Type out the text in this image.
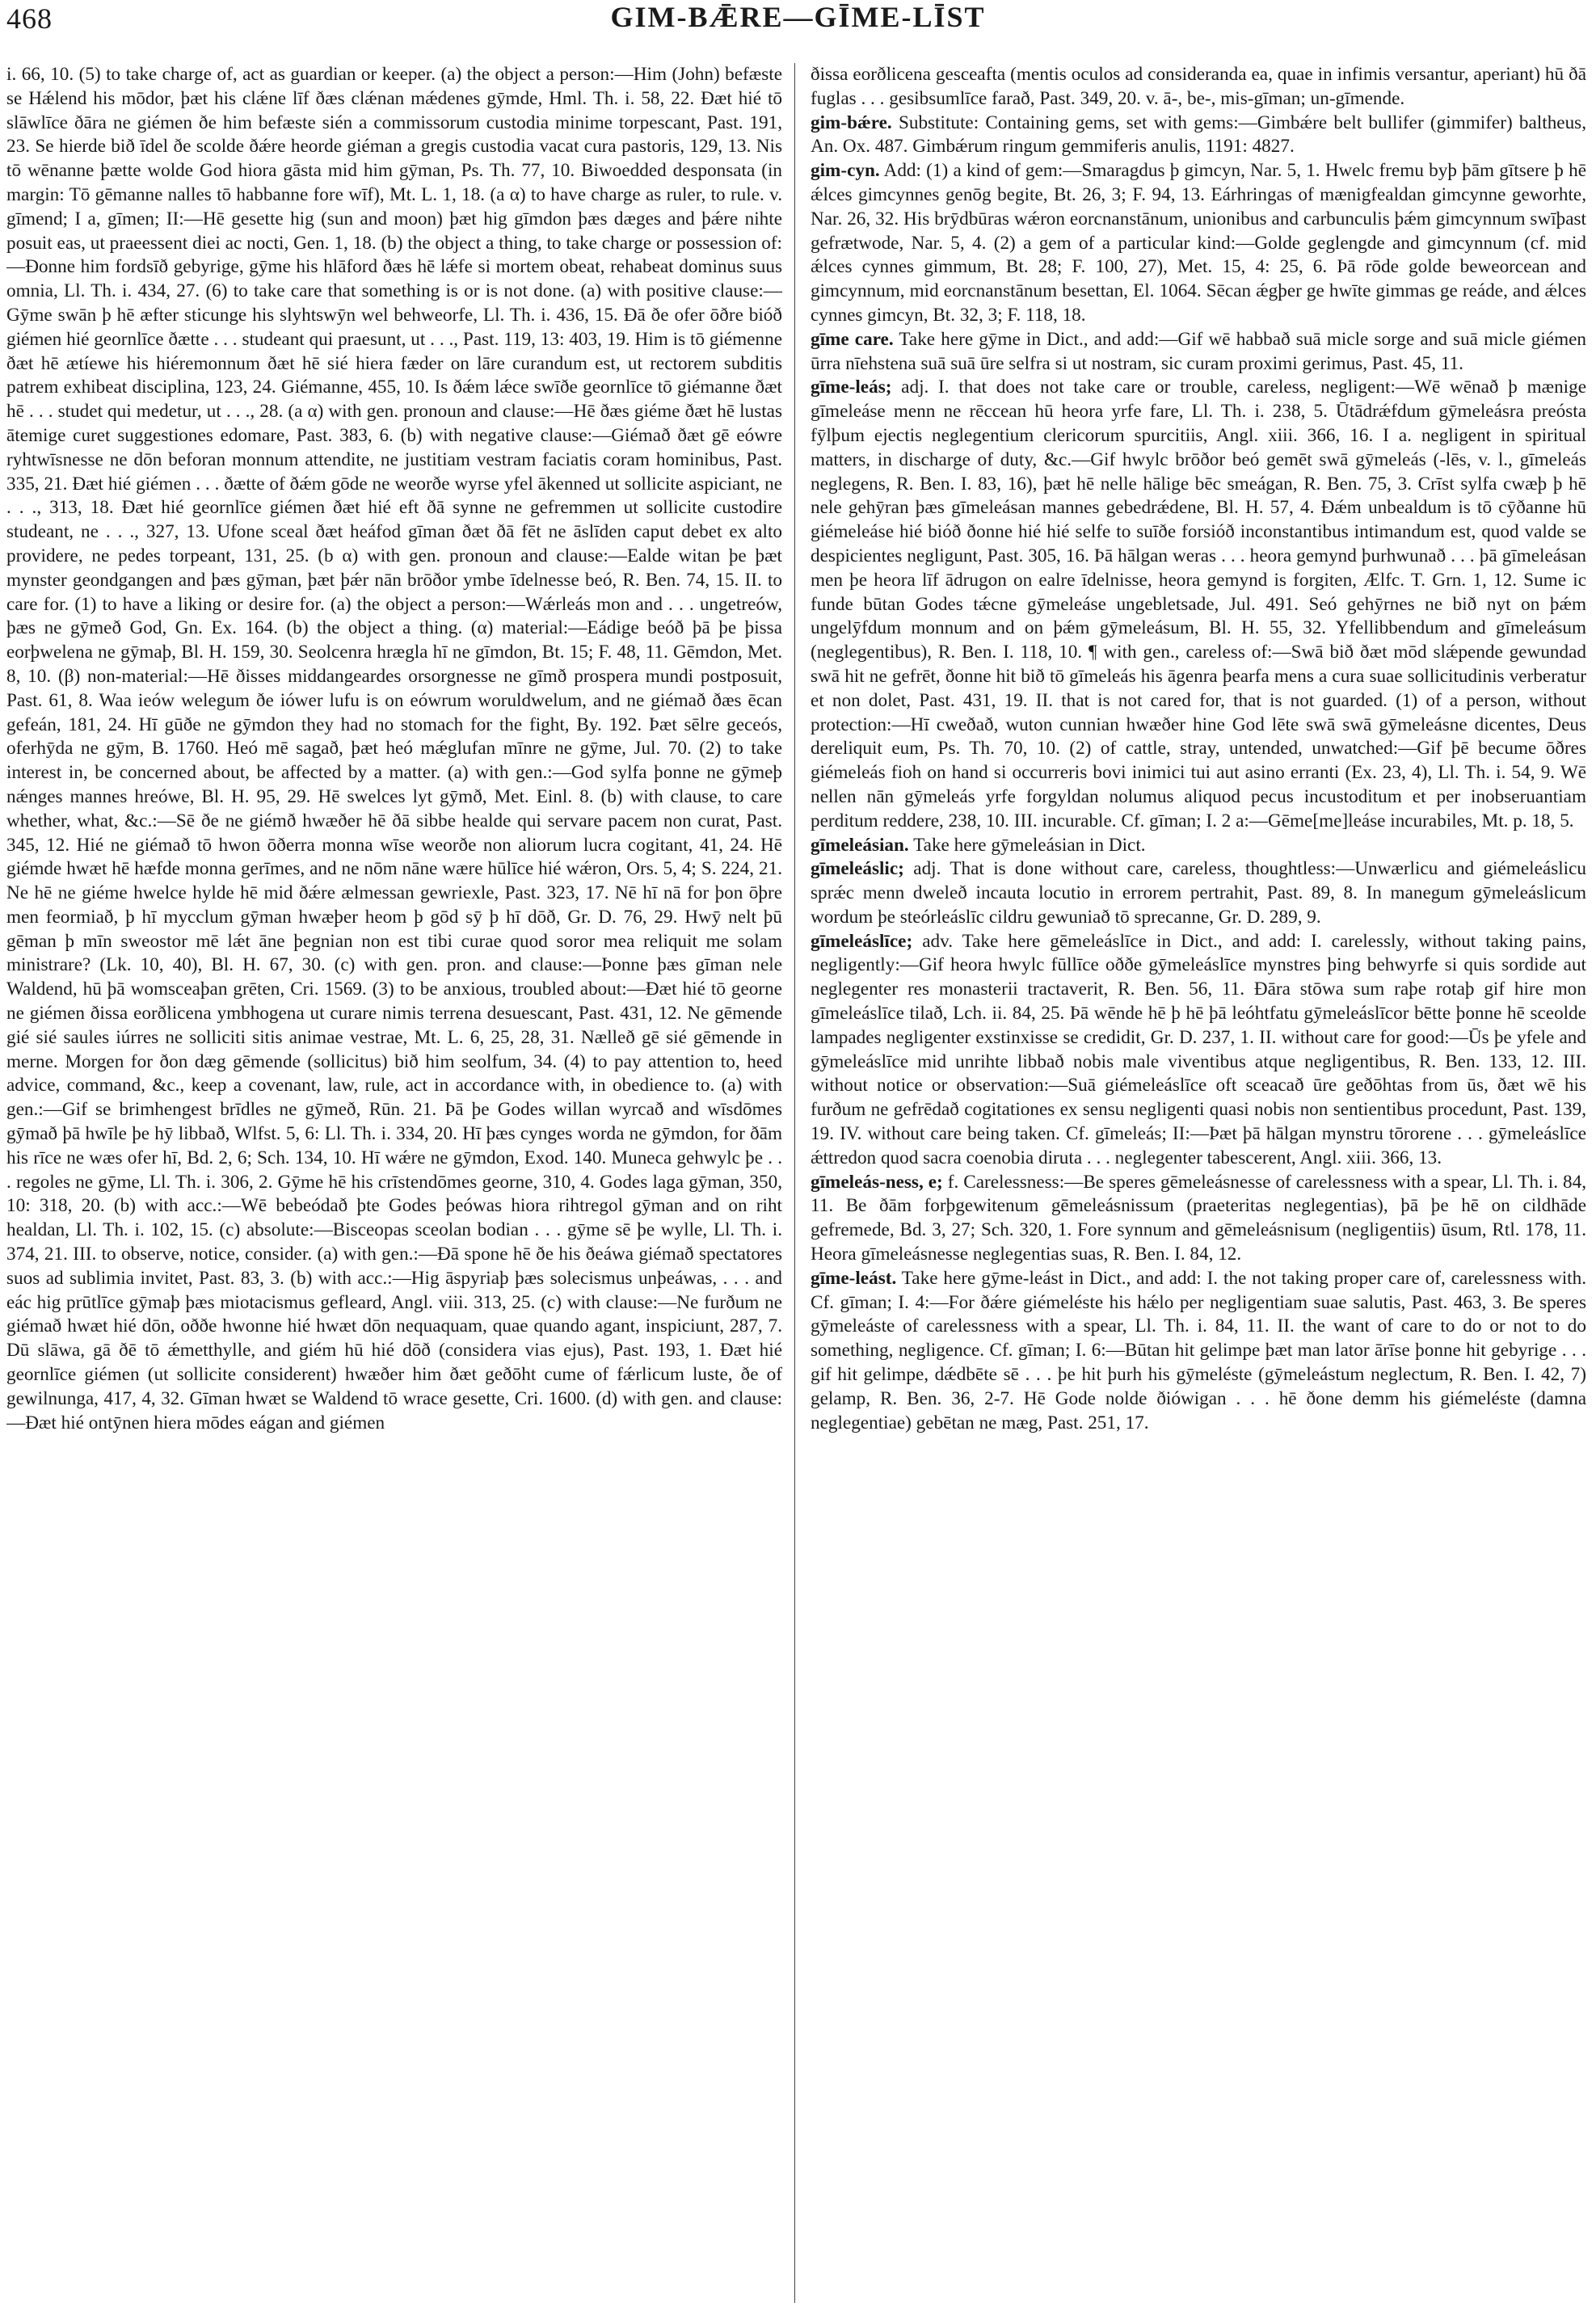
468	GIM-BǢRE—GĪME-LĪST

i. 66, 10. (5) to take charge of, act as guardian or keeper. (a) the object a person:—Him (John) befæste se Hǽlend his mōdor, þæt his clǽne līf ðæs clǽnan mǽdenes gȳmde, Hml. Th. i. 58, 22. Ðæt hié tō slāwlīce ðāra ne giémen ðe him befæste sién a commissorum custodia minime torpescant, Past. 191, 23. Se hierde bið īdel ðe scolde ðǽre heorde giéman a gregis custodia vacat cura pastoris, 129, 13. Nis tō wēnanne þætte wolde God hiora gāsta mid him gȳman, Ps. Th. 77, 10. Biwoedded desponsata (in margin: Tō gēmanne nalles tō habbanne fore wīf), Mt. L. 1, 18. (a α) to have charge as ruler, to rule. v. gīmend; I a, gīmen; II:—Hē gesette hig (sun and moon) þæt hig gīmdon þæs dæges and þǽre nihte posuit eas, ut praeessent diei ac nocti, Gen. 1, 18. (b) the object a thing, to take charge or possession of:—Ðonne him fordsīð gebyrige, gȳme his hlāford ðæs hē lǽfe si mortem obeat, rehabeat dominus suus omnia, Ll. Th. i. 434, 27. (6) to take care that something is or is not done. (a) with positive clause:—Gȳme swān þ hē æfter sticunge his slyhtswȳn wel behweorfe, Ll. Th. i. 436, 15. Ðā ðe ofer ōðre bióð giémen hié geornlīce ðætte . . . studeant qui praesunt, ut . . ., Past. 119, 13: 403, 19. Him is tō giémenne ðæt hē ætíewe his hiéremonnum ðæt hē sié hiera fæder on lāre curandum est, ut rectorem subditis patrem exhibeat disciplina, 123, 24. Giémanne, 455, 10. Is ðǽm lǽce swīðe geornlīce tō giémanne ðæt hē . . . studet qui medetur, ut . . ., 28. (a α) with gen. pronoun and clause:—Hē ðæs giéme ðæt hē lustas ātemige curet suggestiones edomare, Past. 383, 6. (b) with negative clause:—Giémað ðæt gē eówre ryhtwīsnesse ne dōn beforan monnum attendite, ne justitiam vestram faciatis coram hominibus, Past. 335, 21. Ðæt hié giémen . . . ðætte of ðǽm gōde ne weorðe wyrse yfel ākenned ut sollicite aspiciant, ne . . ., 313, 18. Ðæt hié geornlīce giémen ðæt hié eft ðā synne ne gefremmen ut sollicite custodire studeant, ne . . ., 327, 13. Ufone sceal ðæt heáfod gīman ðæt ðā fēt ne āslīden caput debet ex alto providere, ne pedes torpeant, 131, 25. (b α) with gen. pronoun and clause:—Ealde witan þe þæt mynster geondgangen and þæs gȳman, þæt þǽr nān brōðor ymbe īdelnesse beó, R. Ben. 74, 15. II. to care for. (1) to have a liking or desire for. (a) the object a person:—Wǽrleás mon and . . . ungetreów, þæs ne gȳmeð God, Gn. Ex. 164. (b) the object a thing. (α) material:—Eádige beóð þā þe þissa eorþwelena ne gȳmaþ, Bl. H. 159, 30. Seolcenra hrægla hī ne gīmdon, Bt. 15; F. 48, 11. Gēmdon, Met. 8, 10. (β) non-material:—Hē ðisses middangeardes orsorgnesse ne gīmð prospera mundi postposuit, Past. 61, 8. Waa ieów welegum ðe iówer lufu is on eówrum woruldwelum, and ne giémað ðæs ēcan gefeán, 181, 24. Hī gūðe ne gȳmdon they had no stomach for the fight, By. 192. Þæt sēlre geceós, oferhȳda ne gȳm, B. 1760. Heó mē sagað, þæt heó mǽglufan mīnre ne gȳme, Jul. 70. (2) to take interest in, be concerned about, be affected by a matter. (a) with gen.:—God sylfa þonne ne gȳmeþ nǽnges mannes hreówe, Bl. H. 95, 29. Hē swelces lyt gȳmð, Met. Einl. 8. (b) with clause, to care whether, what, &c.:—Sē ðe ne giémð hwæðer hē ðā sibbe healde qui servare pacem non curat, Past. 345, 12. Hié ne giémað tō hwon ōðerra monna wīse weorðe non aliorum lucra cogitant, 41, 24. Hē giémde hwæt hē hæfde monna gerīmes, and ne nōm nāne wære hūlīce hié wǽron, Ors. 5, 4; S. 224, 21. Ne hē ne giéme hwelce hylde hē mid ðǽre ælmessan gewriexle, Past. 323, 17. Nē hī nā for þon ōþre men feormiað, þ hī mycclum gȳman hwæþer heom þ gōd sȳ þ hī dōð, Gr. D. 76, 29. Hwȳ nelt þū gēman þ mīn sweostor mē lǽt āne þegnian non est tibi curae quod soror mea reliquit me solam ministrare? (Lk. 10, 40), Bl. H. 67, 30. (c) with gen. pron. and clause:—Þonne þæs gīman nele Waldend, hū þā womsceaþan grēten, Cri. 1569. (3) to be anxious, troubled about:—Ðæt hié tō georne ne giémen ðissa eorðlicena ymbhogena ut curare nimis terrena desuescant, Past. 431, 12. Ne gēmende gié sié saules iúrres ne solliciti sitis animae vestrae, Mt. L. 6, 25, 28, 31. Nælleð gē sié gēmende in merne. Morgen for ðon dæg gēmende (sollicitus) bið him seolfum, 34. (4) to pay attention to, heed advice, command, &c., keep a covenant, law, rule, act in accordance with, in obedience to. (a) with gen.:—Gif se brimhengest brīdles ne gȳmeð, Rūn. 21. Þā þe Godes willan wyrcað and wīsdōmes gȳmað þā hwīle þe hȳ libbað, Wlfst. 5, 6: Ll. Th. i. 334, 20. Hī þæs cynges worda ne gȳmdon, for ðām his rīce ne wæs ofer hī, Bd. 2, 6; Sch. 134, 10. Hī wǽre ne gȳmdon, Exod. 140. Muneca gehwylc þe . . . regoles ne gȳme, Ll. Th. i. 306, 2. Gȳme hē his crīstendōmes georne, 310, 4. Godes laga gȳman, 350, 10: 318, 20. (b) with acc.:—Wē bebeódað þte Godes þeówas hiora rihtregol gȳman and on riht healdan, Ll. Th. i. 102, 15. (c) absolute:—Bisceopas sceolan bodian . . . gȳme sē þe wylle, Ll. Th. i. 374, 21. III. to observe, notice, consider. (a) with gen.:—Ðā spone hē ðe his ðeáwa giémað spectatores suos ad sublimia invitet, Past. 83, 3. (b) with acc.:—Hig āspyriaþ þæs solecismus unþeáwas, . . . and eác hig prūtlīce gȳmaþ þæs miotacismus gefleard, Angl. viii. 313, 25. (c) with clause:—Ne furðum ne giémað hwæt hié dōn, oððe hwonne hié hwæt dōn nequaquam, quae quando agant, inspiciunt, 287, 7. Dū slāwa, gā ðē tō ǽmetthylle, and giém hū hié dōð (considera vias ejus), Past. 193, 1. Ðæt hié geornlīce giémen (ut sollicite considerent) hwæðer him ðæt geðōht cume of fǽrlicum luste, ðe of gewilnunga, 417, 4, 32. Gīman hwæt se Waldend tō wrace gesette, Cri. 1600. (d) with gen. and clause:—Ðæt hié ontȳnen hiera mōdes eágan and giémen

ðissa eorðlicena gesceafta (mentis oculos ad consideranda ea, quae in infimis versantur, aperiant) hū ðā fuglas . . . gesibsumlīce farað, Past. 349, 20. v. ā-, be-, mis-gīman; un-gīmende.

gim-bǽre. Substitute: Containing gems, set with gems:—Gimbǽre belt bullifer (gimmifer) baltheus, An. Ox. 487. Gimbǽrum ringum gemmiferis anulis, 1191: 4827.

gim-cyn. Add: (1) a kind of gem:—Smaragdus þ gimcyn, Nar. 5, 1. Hwelc fremu byþ þām gītsere þ hē ǽlces gimcynnes genōg begite, Bt. 26, 3; F. 94, 13. Eárhringas of mænigfealdan gimcynne geworhte, Nar. 26, 32. His brȳdbūras wǽron eorcnanstānum, unionibus and carbunculis þǽm gimcynnum swīþast gefrætwode, Nar. 5, 4. (2) a gem of a particular kind:—Golde geglengde and gimcynnum (cf. mid ǽlces cynnes gimmum, Bt. 28; F. 100, 27), Met. 15, 4: 25, 6. Þā rōde golde beweorcean and gimcynnum, mid eorcnanstānum besettan, El. 1064. Sēcan ǽgþer ge hwīte gimmas ge reáde, and ǽlces cynnes gimcyn, Bt. 32, 3; F. 118, 18.

gīme care. Take here gȳme in Dict., and add:—Gif wē habbað suā micle sorge and suā micle giémen ūrra nīehstena suā suā ūre selfra si ut nostram, sic curam proximi gerimus, Past. 45, 11.

gīme-leás; adj. I. that does not take care or trouble, careless, negligent:—Wē wēnað þ mænige gīmeleáse menn ne rēccean hū heora yrfe fare, Ll. Th. i. 238, 5. Ūtādrǽfdum gȳmeleásra preósta fȳlþum ejectis neglegentium clericorum spurcitiis, Angl. xiii. 366, 16. I a. negligent in spiritual matters, in discharge of duty, &c.—Gif hwylc brōðor beó gemēt swā gȳmeleás (-lēs, v. l., gīmeleás neglegens, R. Ben. I. 83, 16), þæt hē nelle hālige bēc smeágan, R. Ben. 75, 3. Crīst sylfa cwæþ þ hē nele gehȳran þæs gīmeleásan mannes gebedrǽdene, Bl. H. 57, 4. Ðǽm unbealdum is tō cȳðanne hū giémeleáse hié bióð ðonne hié hié selfe to suīðe forsióð inconstantibus intimandum est, quod valde se despicientes negligunt, Past. 305, 16. Þā hālgan weras . . . heora gemynd þurhwunað . . . þā gīmeleásan men þe heora līf ādrugon on ealre īdelnisse, heora gemynd is forgiten, Ælfc. T. Grn. 1, 12. Sume ic funde būtan Godes tǽcne gȳmeleáse ungebletsade, Jul. 491. Seó gehȳrnes ne bið nyt on þǽm ungelȳfdum monnum and on þǽm gȳmeleásum, Bl. H. 55, 32. Yfellibbendum and gīmeleásum (neglegentibus), R. Ben. I. 118, 10. ¶ with gen., careless of:—Swā bið ðæt mōd slǽpende gewundad swā hit ne gefrēt, ðonne hit bið tō gīmeleás his āgenra þearfa mens a cura suae sollicitudinis verberatur et non dolet, Past. 431, 19. II. that is not cared for, that is not guarded. (1) of a person, without protection:—Hī cweðað, wuton cunnian hwæðer hine God lēte swā swā gȳmeleásne dicentes, Deus dereliquit eum, Ps. Th. 70, 10. (2) of cattle, stray, untended, unwatched:—Gif þē becume ōðres giémeleás fioh on hand si occurreris bovi inimici tui aut asino erranti (Ex. 23, 4), Ll. Th. i. 54, 9. Wē nellen nān gȳmeleás yrfe forgyldan nolumus aliquod pecus incustoditum et per inobseruantiam perditum reddere, 238, 10. III. incurable. Cf. gīman; I. 2 a:—Gēme[me]leáse incurabiles, Mt. p. 18, 5.

gīmeleásian. Take here gȳmeleásian in Dict.

gīmeleáslic; adj. That is done without care, careless, thoughtless:—Unwærlicu and giémeleáslicu sprǽc menn dweleð incauta locutio in errorem pertrahit, Past. 89, 8. In manegum gȳmeleáslicum wordum þe steórleáslīc cildru gewuniað tō sprecanne, Gr. D. 289, 9.

gīmeleáslīce; adv. Take here gēmeleáslīce in Dict., and add: I. carelessly, without taking pains, negligently:—Gif heora hwylc fūllīce oððe gȳmeleáslīce mynstres þing behwyrfe si quis sordide aut neglegenter res monasterii tractaverit, R. Ben. 56, 11. Ðāra stōwa sum raþe rotaþ gif hire mon gīmeleáslīce tilað, Lch. ii. 84, 25. Þā wēnde hē þ hē þā leóhtfatu gȳmeleáslīcor bētte þonne hē sceolde lampades negligenter exstinxisse se credidit, Gr. D. 237, 1. II. without care for good:—Ūs þe yfele and gȳmeleáslīce mid unrihte libbað nobis male viventibus atque negligentibus, R. Ben. 133, 12. III. without notice or observation:—Suā giémeleáslīce oft sceacað ūre geðōhtas from ūs, ðæt wē his furðum ne gefrēdað cogitationes ex sensu negligenti quasi nobis non sentientibus procedunt, Past. 139, 19. IV. without care being taken. Cf. gīmeleás; II:—Þæt þā hālgan mynstru tōrorene . . . gȳmeleáslīce ǽttredon quod sacra coenobia diruta . . . neglegenter tabescerent, Angl. xiii. 366, 13.

gīmeleás-ness, e; f. Carelessness:—Be speres gēmeleásnesse of carelessness with a spear, Ll. Th. i. 84, 11. Be ðām forþgewitenum gēmeleásnissum (praeteritas neglegentias), þā þe hē on cildhāde gefremede, Bd. 3, 27; Sch. 320, 1. Fore synnum and gēmeleásnisum (negligentiis) ūsum, Rtl. 178, 11. Heora gīmeleásnesse neglegentias suas, R. Ben. I. 84, 12.

gīme-leást. Take here gȳme-leást in Dict., and add: I. the not taking proper care of, carelessness with. Cf. gīman; I. 4:—For ðǽre giémeléste his hǽlo per negligentiam suae salutis, Past. 463, 3. Be speres gȳmeleáste of carelessness with a spear, Ll. Th. i. 84, 11. II. the want of care to do or not to do something, negligence. Cf. gīman; I. 6:—Būtan hit gelimpe þæt man lator ārīse þonne hit gebyrige . . . gif hit gelimpe, dǽdbēte sē . . . þe hit þurh his gȳmeléste (gȳmeleástum neglectum, R. Ben. I. 42, 7) gelamp, R. Ben. 36, 2-7. Hē Gode nolde ðiówigan . . . hē ðone demm his giémeléste (damna neglegentiae) gebētan ne mæg, Past. 251, 17.
